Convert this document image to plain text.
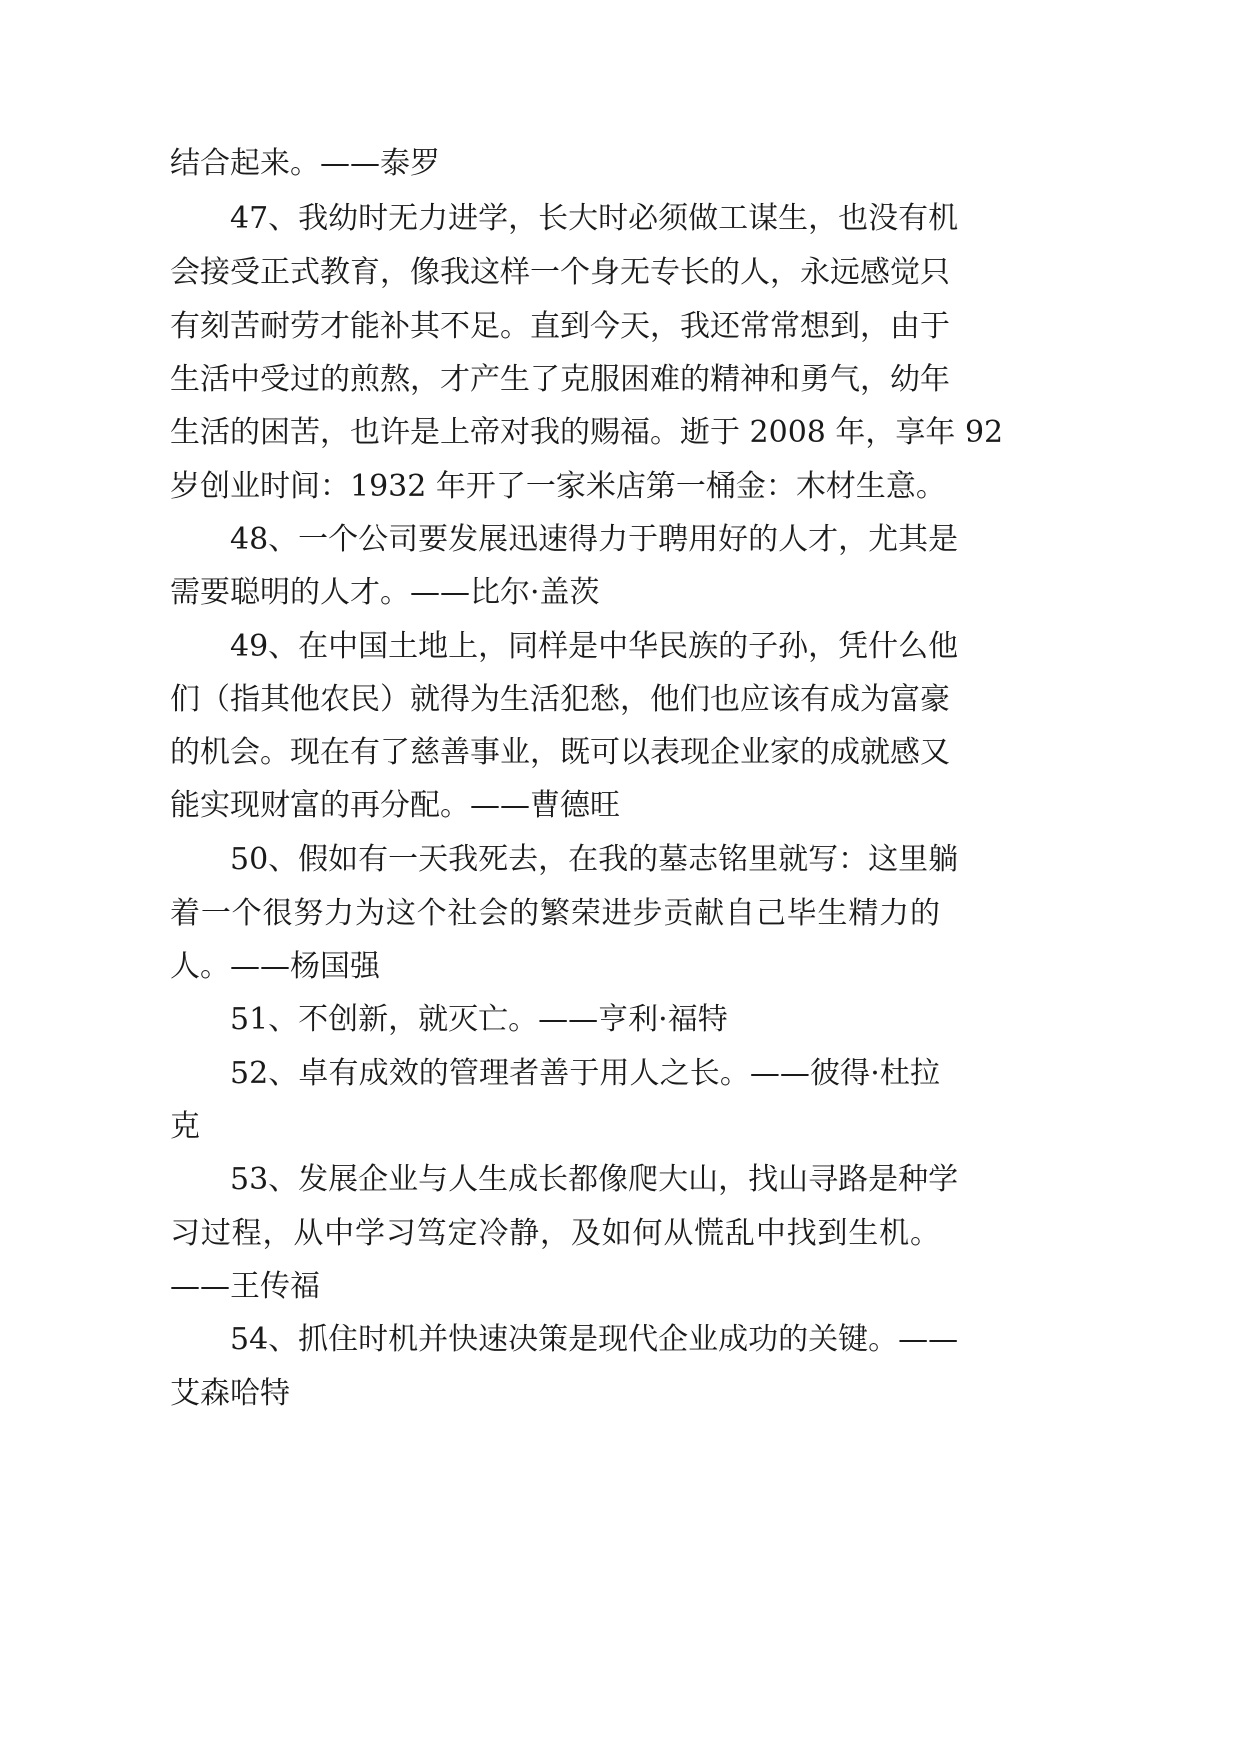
结合起来。——泰罗
47、我幼时无力进学，长大时必须做工谋生，也没有机
会接受正式教育，像我这样一个身无专长的人，永远感觉只
有刻苦耐劳才能补其不足。直到今天，我还常常想到，由于
生活中受过的煎熬，才产生了克服困难的精神和勇气，幼年
生活的困苦，也许是上帝对我的赐福。逝于 2008 年，享年 92
岁创业时间：1932 年开了一家米店第一桶金：木材生意。
48、一个公司要发展迅速得力于聘用好的人才，尤其是
需要聪明的人才。——比尔·盖茨
49、在中国土地上，同样是中华民族的子孙，凭什么他
们（指其他农民）就得为生活犯愁，他们也应该有成为富豪
的机会。现在有了慈善事业，既可以表现企业家的成就感又
能实现财富的再分配。——曹德旺
50、假如有一天我死去，在我的墓志铭里就写：这里躺
着一个很努力为这个社会的繁荣进步贡献自己毕生精力的
人。——杨国强
51、不创新，就灭亡。——亨利·福特
52、卓有成效的管理者善于用人之长。——彼得·杜拉
克
53、发展企业与人生成长都像爬大山，找山寻路是种学
习过程，从中学习笃定冷静，及如何从慌乱中找到生机。
——王传福
54、抓住时机并快速决策是现代企业成功的关键。——
艾森哈特
